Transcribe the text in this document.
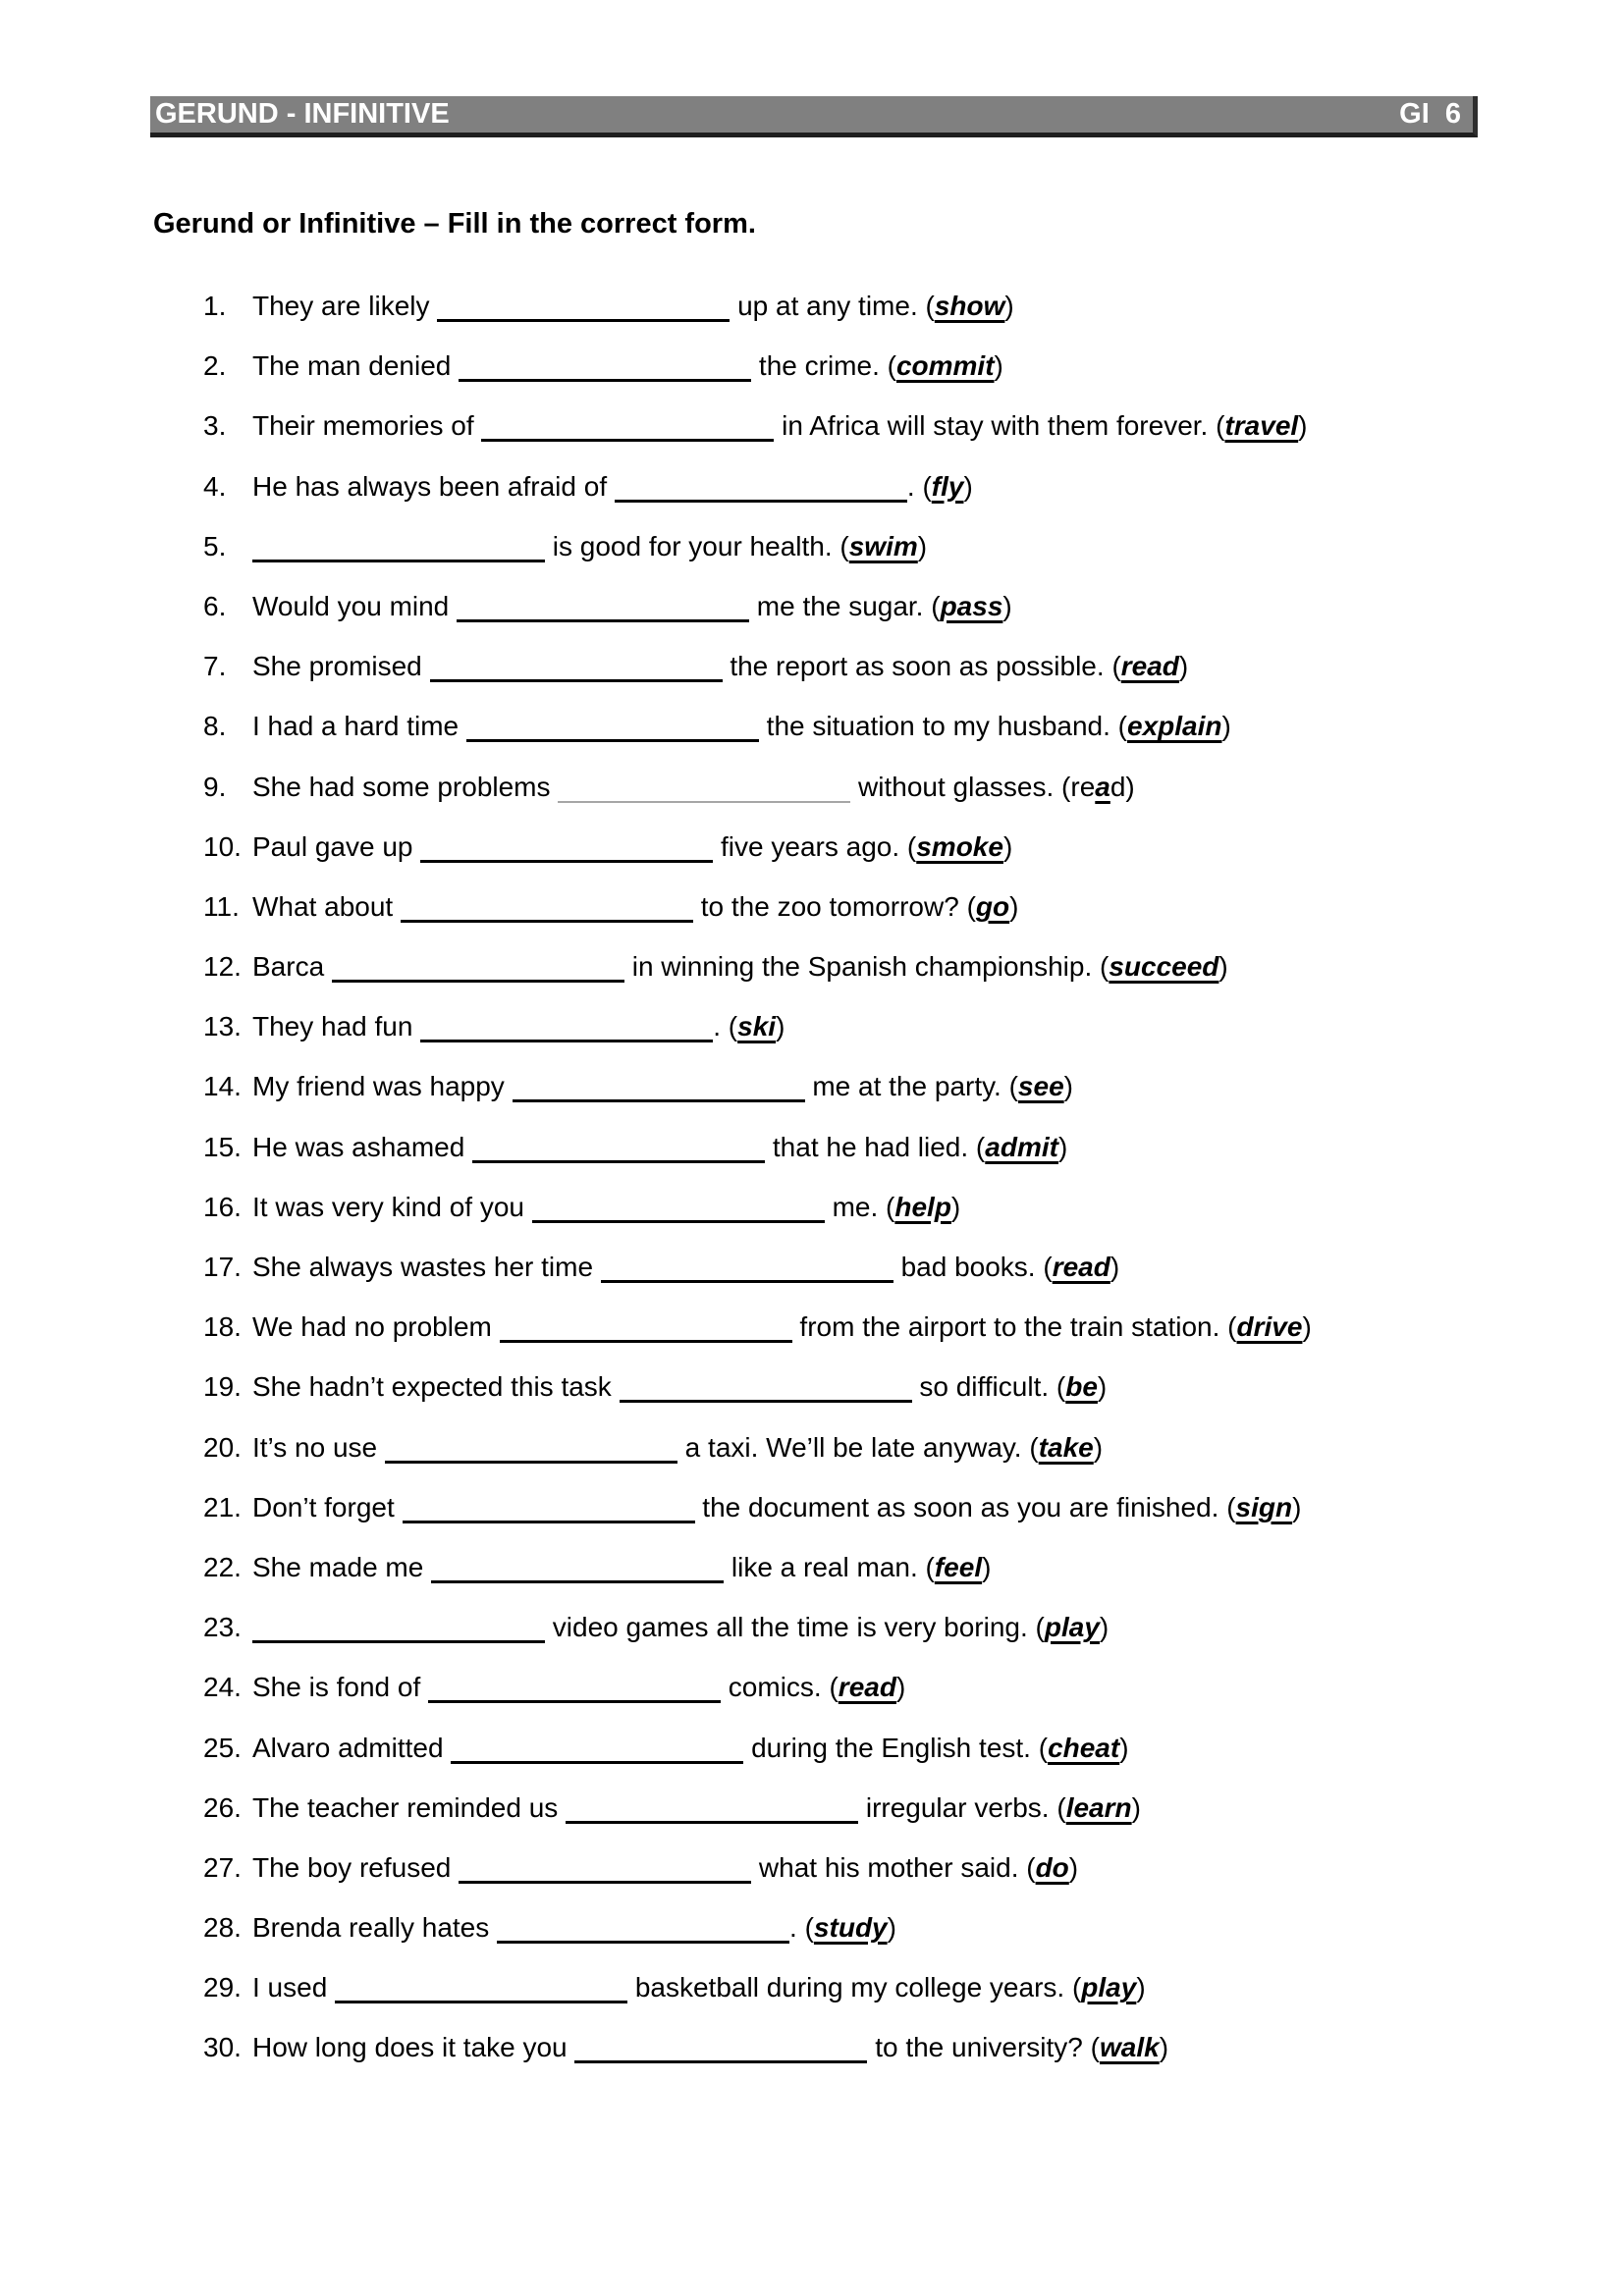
GERUND - INFINITIVE	GI  6
Gerund or Infinitive – Fill in the correct form.
1. They are likely	up at any time. (show)
2. The man denied	the crime. (commit)
3. Their memories of	in Africa will stay with them forever. (travel)
4. He has always been afraid of	. (fly)
5.	is good for your health. (swim)
6. Would you mind	me the sugar. (pass)
7. She promised	the report as soon as possible. (read)
8. I had a hard time	the situation to my husband. (explain)
9. She had some problems	without glasses. (read)
10. Paul gave up	five years ago. (smoke)
11. What about	to the zoo tomorrow? (go)
12. Barca	in winning the Spanish championship. (succeed)
13. They had fun	. (ski)
14. My friend was happy	me at the party. (see)
15. He was ashamed	that he had lied. (admit)
16. It was very kind of you	me. (help)
17. She always wastes her time	bad books. (read)
18. We had no problem	from the airport to the train station. (drive)
19. She hadn’t expected this task	so difficult. (be)
20. It’s no use	a taxi. We’ll be late anyway. (take)
21. Don’t forget	the document as soon as you are finished. (sign)
22. She made me	like a real man. (feel)
23.	video games all the time is very boring. (play)
24. She is fond of	comics. (read)
25. Alvaro admitted	during the English test. (cheat)
26. The teacher reminded us	irregular verbs. (learn)
27. The boy refused	what his mother said. (do)
28. Brenda really hates	. (study)
29. I used	basketball during my college years. (play)
30. How long does it take you	to the university? (walk)
